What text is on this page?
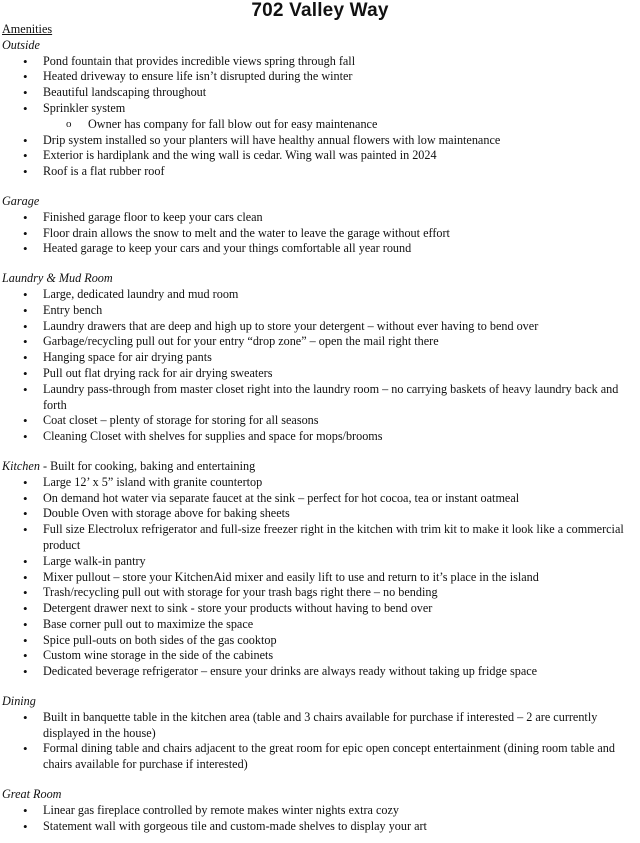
702 Valley Way
Amenities
Outside
• Pond fountain that provides incredible views spring through fall
• Heated driveway to ensure life isn’t disrupted during the winter
• Beautiful landscaping throughout
• Sprinkler system
o Owner has company for fall blow out for easy maintenance
• Drip system installed so your planters will have healthy annual flowers with low maintenance
• Exterior is hardiplank and the wing wall is cedar. Wing wall was painted in 2024
• Roof is a flat rubber roof
Garage
• Finished garage floor to keep your cars clean
• Floor drain allows the snow to melt and the water to leave the garage without effort
• Heated garage to keep your cars and your things comfortable all year round
Laundry & Mud Room
• Large, dedicated laundry and mud room
• Entry bench
• Laundry drawers that are deep and high up to store your detergent – without ever having to bend over
• Garbage/recycling pull out for your entry “drop zone” – open the mail right there
• Hanging space for air drying pants
• Pull out flat drying rack for air drying sweaters
• Laundry pass-through from master closet right into the laundry room – no carrying baskets of heavy laundry back and forth
• Coat closet – plenty of storage for storing for all seasons
• Cleaning Closet with shelves for supplies and space for mops/brooms
Kitchen - Built for cooking, baking and entertaining
• Large 12’ x 5” island with granite countertop
• On demand hot water via separate faucet at the sink – perfect for hot cocoa, tea or instant oatmeal
• Double Oven with storage above for baking sheets
• Full size Electrolux refrigerator and full-size freezer right in the kitchen with trim kit to make it look like a commercial product
• Large walk-in pantry
• Mixer pullout – store your KitchenAid mixer and easily lift to use and return to it’s place in the island
• Trash/recycling pull out with storage for your trash bags right there – no bending
• Detergent drawer next to sink - store your products without having to bend over
• Base corner pull out to maximize the space
• Spice pull-outs on both sides of the gas cooktop
• Custom wine storage in the side of the cabinets
• Dedicated beverage refrigerator – ensure your drinks are always ready without taking up fridge space
Dining
• Built in banquette table in the kitchen area (table and 3 chairs available for purchase if interested – 2 are currently displayed in the house)
• Formal dining table and chairs adjacent to the great room for epic open concept entertainment (dining room table and chairs available for purchase if interested)
Great Room
• Linear gas fireplace controlled by remote makes winter nights extra cozy
• Statement wall with gorgeous tile and custom-made shelves to display your art
